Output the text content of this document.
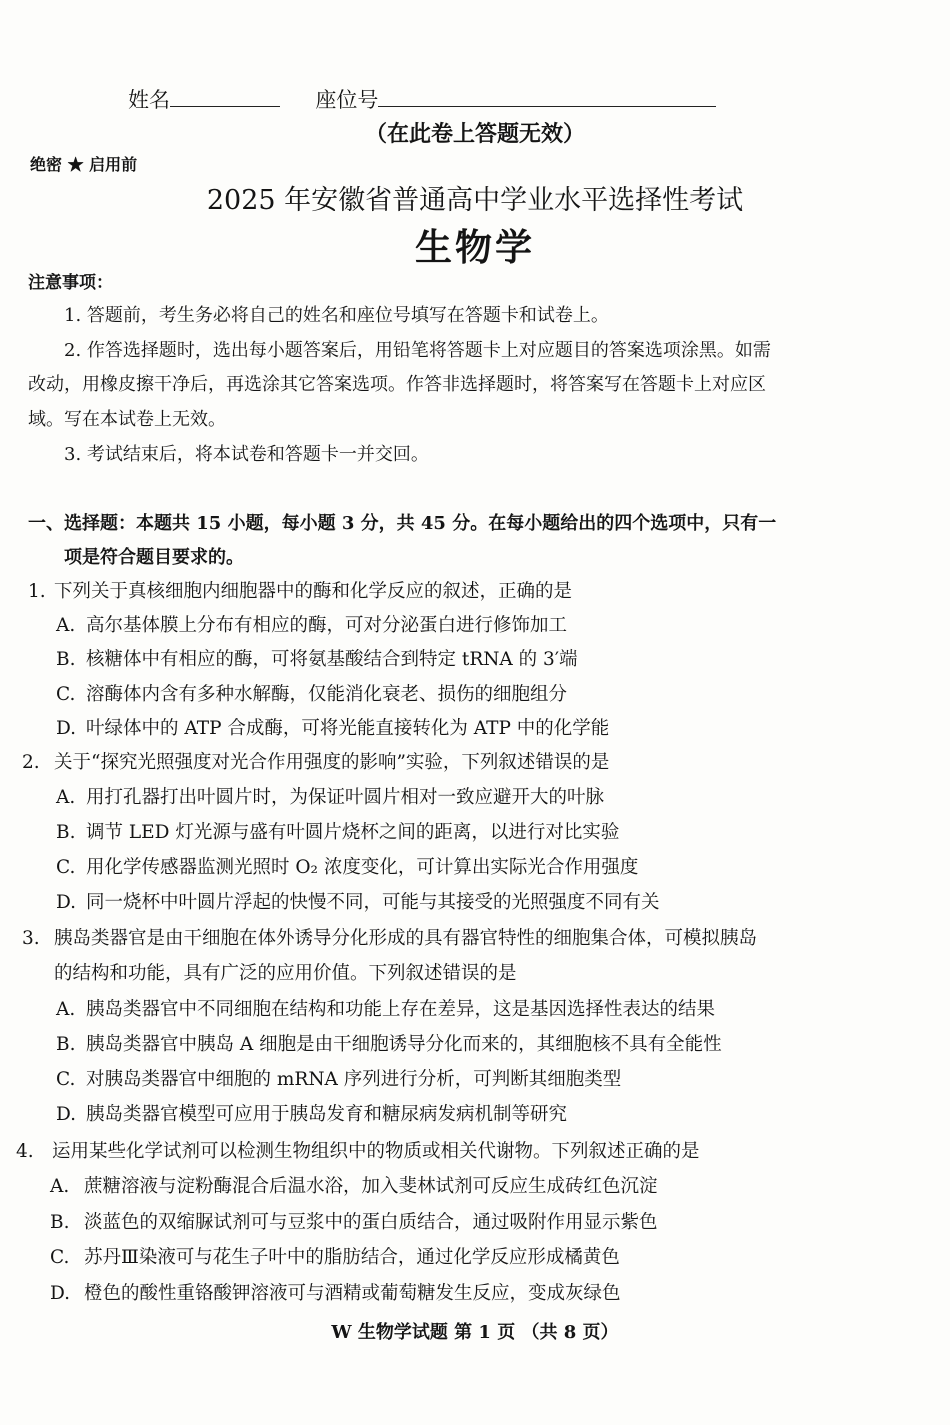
姓名	座位号
（在此卷上答题无效）
绝密 ★ 启用前
2025 年安徽省普通高中学业水平选择性考试
生物学
注意事项：
1. 答题前，考生务必将自己的姓名和座位号填写在答题卡和试卷上。
2. 作答选择题时，选出每小题答案后，用铅笔将答题卡上对应题目的答案选项涂黑。如需
改动，用橡皮擦干净后，再选涂其它答案选项。作答非选择题时，将答案写在答题卡上对应区
域。写在本试卷上无效。
3. 考试结束后，将本试卷和答题卡一并交回。
一、选择题：本题共 15 小题，每小题 3 分，共 45 分。在每小题给出的四个选项中，只有一
项是符合题目要求的。
1. 下列关于真核细胞内细胞器中的酶和化学反应的叙述，正确的是
A. 高尔基体膜上分布有相应的酶，可对分泌蛋白进行修饰加工
B. 核糖体中有相应的酶，可将氨基酸结合到特定 tRNA 的 3′端
C. 溶酶体内含有多种水解酶，仅能消化衰老、损伤的细胞组分
D. 叶绿体中的 ATP 合成酶，可将光能直接转化为 ATP 中的化学能
2. 关于“探究光照强度对光合作用强度的影响”实验，下列叙述错误的是
A. 用打孔器打出叶圆片时，为保证叶圆片相对一致应避开大的叶脉
B. 调节 LED 灯光源与盛有叶圆片烧杯之间的距离，以进行对比实验
C. 用化学传感器监测光照时 O₂ 浓度变化，可计算出实际光合作用强度
D. 同一烧杯中叶圆片浮起的快慢不同，可能与其接受的光照强度不同有关
3. 胰岛类器官是由干细胞在体外诱导分化形成的具有器官特性的细胞集合体，可模拟胰岛
的结构和功能，具有广泛的应用价值。下列叙述错误的是
A. 胰岛类器官中不同细胞在结构和功能上存在差异，这是基因选择性表达的结果
B. 胰岛类器官中胰岛 A 细胞是由干细胞诱导分化而来的，其细胞核不具有全能性
C. 对胰岛类器官中细胞的 mRNA 序列进行分析，可判断其细胞类型
D. 胰岛类器官模型可应用于胰岛发育和糖尿病发病机制等研究
4. 运用某些化学试剂可以检测生物组织中的物质或相关代谢物。下列叙述正确的是
A. 蔗糖溶液与淀粉酶混合后温水浴，加入斐林试剂可反应生成砖红色沉淀
B. 淡蓝色的双缩脲试剂可与豆浆中的蛋白质结合，通过吸附作用显示紫色
C. 苏丹Ⅲ染液可与花生子叶中的脂肪结合，通过化学反应形成橘黄色
D. 橙色的酸性重铬酸钾溶液可与酒精或葡萄糖发生反应，变成灰绿色
W 生物学试题 第 1 页 （共 8 页）
